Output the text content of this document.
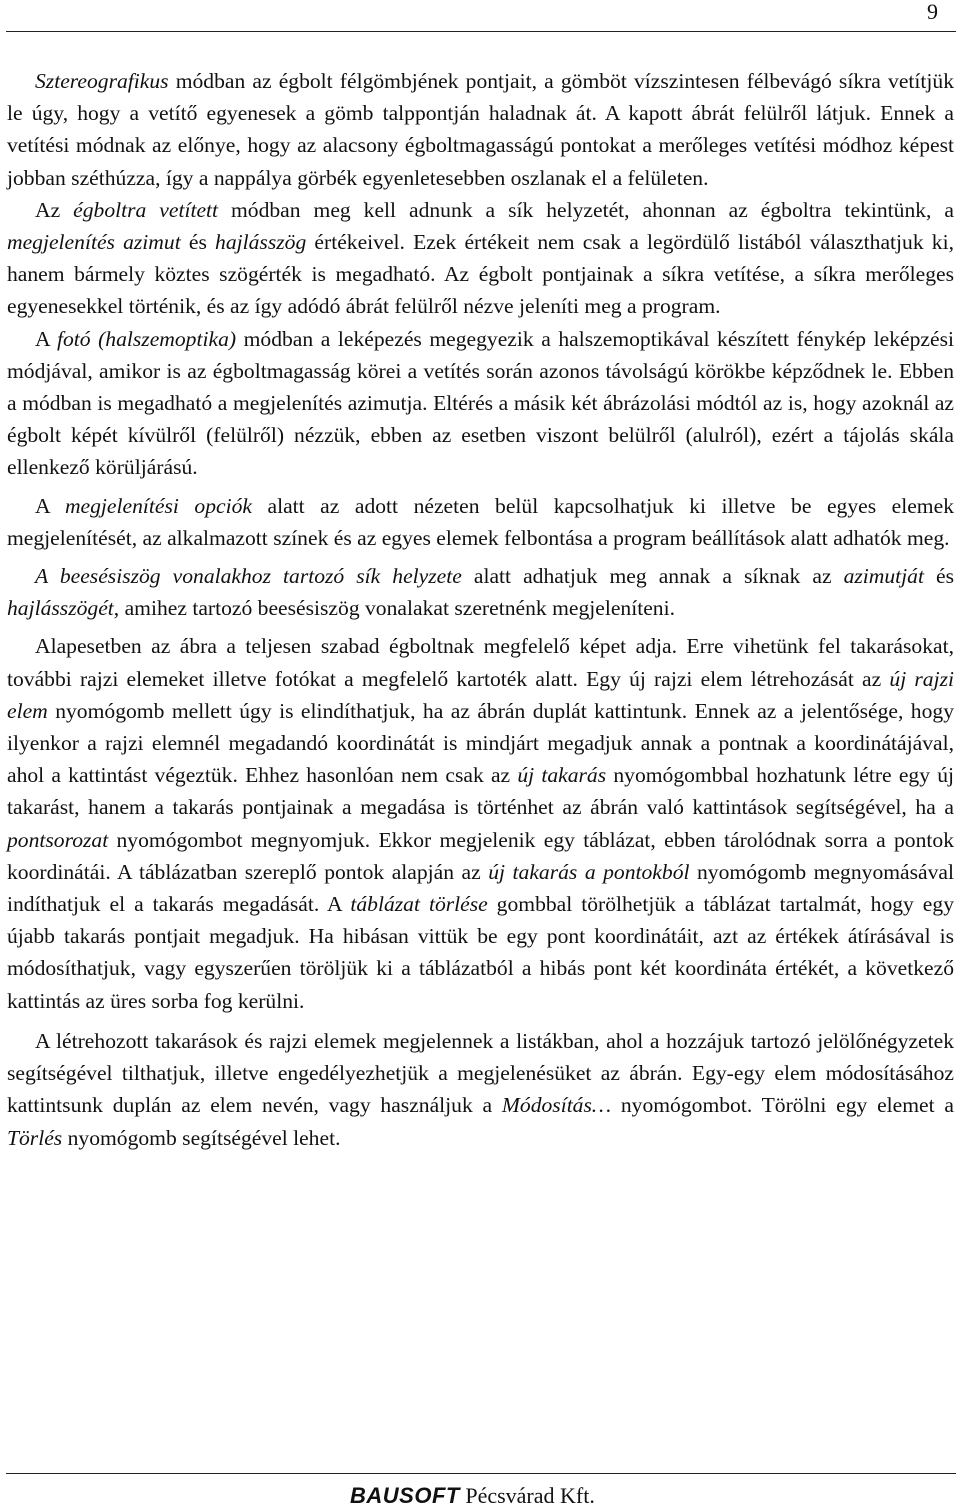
9

Sztereografikus módban az égbolt félgömbjének pontjait, a gömböt vízszintesen félbevágó síkra vetítjük le úgy, hogy a vetítő egyenesek a gömb talppontján haladnak át. A kapott ábrát felülről látjuk. Ennek a vetítési módnak az előnye, hogy az alacsony égboltmagasságú pontokat a merőleges vetítési módhoz képest jobban széthúzza, így a nappálya görbék egyenletesebben oszlanak el a felületen.

Az égboltra vetített módban meg kell adnunk a sík helyzetét, ahonnan az égboltra tekintünk, a megjelenítés azimut és hajlásszög értékeivel. Ezek értékeit nem csak a legördülő listából választhatjuk ki, hanem bármely köztes szögérték is megadható. Az égbolt pontjainak a síkra vetítése, a síkra merőleges egyenesekkel történik, és az így adódó ábrát felülről nézve jeleníti meg a program.

A fotó (halszemoptika) módban a leképezés megegyezik a halszemoptikával készített fénykép leképzési módjával, amikor is az égboltmagasság körei a vetítés során azonos távolságú körökbe képződnek le. Ebben a módban is megadható a megjelenítés azimutja. Eltérés a másik két ábrázolási módtól az is, hogy azoknál az égbolt képét kívülről (felülről) nézzük, ebben az esetben viszont belülről (alulról), ezért a tájolás skála ellenkező körüljárású.

A megjelenítési opciók alatt az adott nézeten belül kapcsolhatjuk ki illetve be egyes elemek megjelenítését, az alkalmazott színek és az egyes elemek felbontása a program beállítások alatt adhatók meg.

A beesésiszög vonalakhoz tartozó sík helyzete alatt adhatjuk meg annak a síknak az azimutját és hajlásszögét, amihez tartozó beesésiszög vonalakat szeretnénk megjeleníteni.

Alapesetben az ábra a teljesen szabad égboltnak megfelelő képet adja. Erre vihetünk fel takarásokat, további rajzi elemeket illetve fotókat a megfelelő kartoték alatt. Egy új rajzi elem létrehozását az új rajzi elem nyomógomb mellett úgy is elindíthatjuk, ha az ábrán duplát kattintunk. Ennek az a jelentősége, hogy ilyenkor a rajzi elemnél megadandó koordinátát is mindjárt megadjuk annak a pontnak a koordinátájával, ahol a kattintást végeztük. Ehhez hasonlóan nem csak az új takarás nyomógombbal hozhatunk létre egy új takarást, hanem a takarás pontjainak a megadása is történhet az ábrán való kattintások segítségével, ha a pontsorozat nyomógombot megnyomjuk. Ekkor megjelenik egy táblázat, ebben tárolódnak sorra a pontok koordinátái. A táblázatban szereplő pontok alapján az új takarás a pontokból nyomógomb megnyomásával indíthatjuk el a takarás megadását. A táblázat törlése gombbal törölhetjük a táblázat tartalmát, hogy egy újabb takarás pontjait megadjuk. Ha hibásan vittük be egy pont koordinátáit, azt az értékek átírásával is módosíthatjuk, vagy egyszerűen töröljük ki a táblázatból a hibás pont két koordináta értékét, a következő kattintás az üres sorba fog kerülni.

A létrehozott takarások és rajzi elemek megjelennek a listákban, ahol a hozzájuk tartozó jelölőnégyzetek segítségével tilthatjuk, illetve engedélyezhetjük a megjelenésüket az ábrán. Egy-egy elem módosításához kattintsunk duplán az elem nevén, vagy használjuk a Módosítás… nyomógombot. Törölni egy elemet a Törlés nyomógomb segítségével lehet.

BAUSOFT Pécsvárad Kft.
